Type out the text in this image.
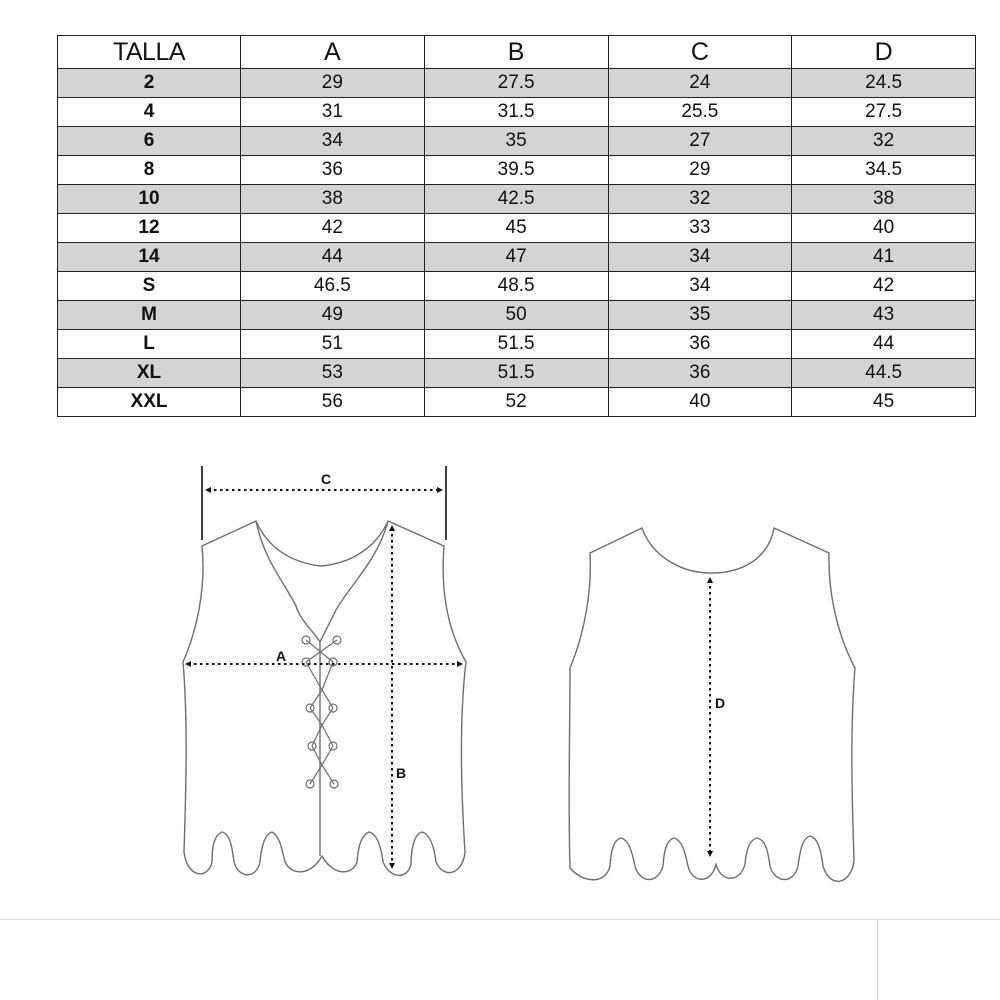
TALLA	A	B	C	D
2	29	27.5	24	24.5
4	31	31.5	25.5	27.5
6	34	35	27	32
8	36	39.5	29	34.5
10	38	42.5	32	38
12	42	45	33	40
14	44	47	34	41
S	46.5	48.5	34	42
M	49	50	35	43
L	51	51.5	36	44
XL	53	51.5	36	44.5
XXL	56	52	40	45
C
A
B
D
